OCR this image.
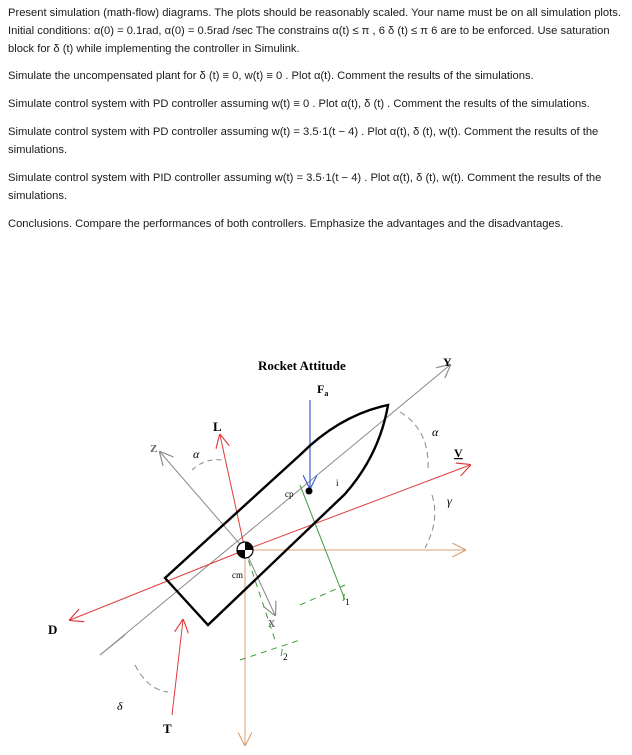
Present simulation (math-flow) diagrams. The plots should be reasonably scaled. Your name must be on all simulation plots. Initial conditions: α(0) = 0.1rad, α(0) = 0.5rad /sec The constrains α(t) ≤ π , 6 δ (t) ≤ π 6 are to be enforced. Use saturation block for δ (t) while implementing the controller in Simulink.

Simulate the uncompensated plant for δ (t) ≡ 0, w(t) ≡ 0 . Plot α(t). Comment the results of the simulations.

Simulate control system with PD controller assuming w(t) ≡ 0 . Plot α(t), δ (t) . Comment the results of the simulations.

Simulate control system with PD controller assuming w(t) = 3.5·1(t − 4) . Plot α(t), δ (t), w(t). Comment the results of the simulations.

Simulate control system with PID controller assuming w(t) = 3.5·1(t − 4) . Plot α(t), δ (t), w(t). Comment the results of the simulations.

Conclusions. Compare the performances of both controllers. Emphasize the advantages and the disadvantages.

Rocket Attitude
$F_a$
Y
V
α
γ
Z	α
L
cp
i
cm
X
$l_1$
$l_2$
D
δ
T
